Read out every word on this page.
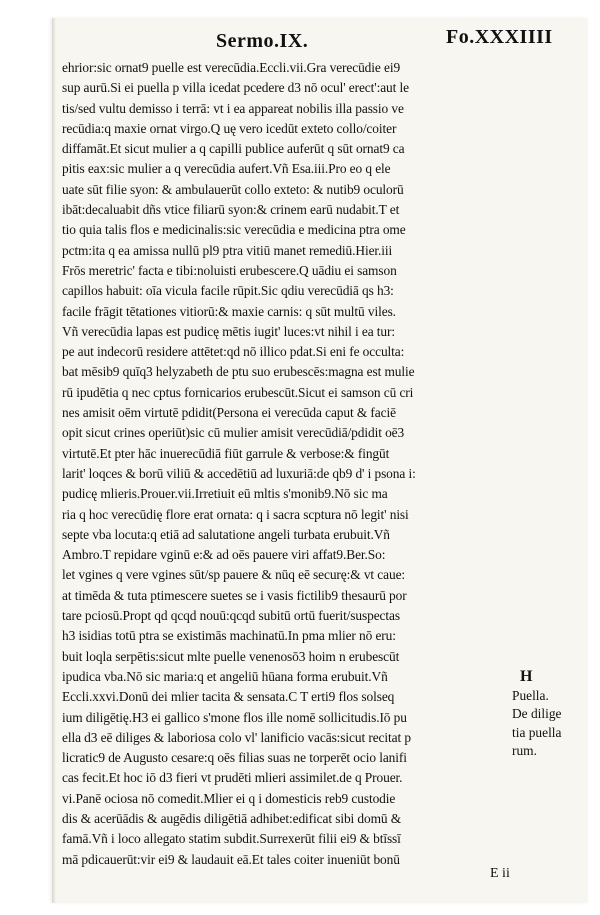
Sermo.IX.	Fo.XXXIIII
ehrior:sic ornat9 puelle est verecūdia.Eccli.vii.Gra verecūdie ei9
sup aurū.Si ei puella p villa icedat pcedere d3 nō ocul' erect':aut le
tis/sed vultu demisso i terrā: vt i ea appareat nobilis illa passio ve
recūdia:q maxie ornat virgo.Q uę vero icedūt exteto collo/coiter
diffamāt.Et sicut mulier a q capilli publice auferūt q sūt ornat9 ca
pitis eax:sic mulier a q verecūdia aufert.Vñ Esa.iii.Pro eo q ele
uate sūt filie syon: & ambulauerūt collo exteto: & nutib9 oculorū
ibāt:decaluabit dñs vtice filiarū syon:& crinem earū nudabit.T et
tio quia talis flos e medicinalis:sic verecūdia e medicina ptra ome
pctm:ita q ea amissa nullū pl9 ptra vitiū manet remediū.Hier.iii
Frōs meretric' facta e tibi:noluisti erubescere.Q uādiu ei samson
capillos habuit: oīa vicula facile rūpit.Sic qdiu verecūdiā qs h3:
facile frāgit tētationes vitiorū:& maxie carnis: q sūt multū viles.
Vñ verecūdia lapas est pudicę mētis iugit' luces:vt nihil i ea tur:
pe aut indecorū residere attētet:qd nō illico pdat.Si eni fe occulta:
bat mēsib9 quīq3 helyzabeth de ptu suo erubescēs:magna est mulie
rū ipudētia q nec cptus fornicarios erubescūt.Sicut ei samson cū cri
nes amisit oēm virtutē pdidit(Persona ei verecūda caput & faciē
opit sicut crines operiūt)sic cū mulier amisit verecūdiā/pdidit oē3
virtutē.Et pter hāc inuerecūdiā fiūt garrule & verbose:& fingūt
larit' loqces & borū viliū & accedētiū ad luxuriā:de qb9 d' i psona i:
pudicę mlieris.Prouer.vii.Irretiuit eū mltis s'monib9.Nō sic ma
ria q hoc verecūdię flore erat ornata: q i sacra scptura nō legit' nisi
septe vba locuta:q etiā ad salutatione angeli turbata erubuit.Vñ
Ambro.T repidare vginū e:& ad oēs pauere viri affat9.Ber.So:
let vgines q vere vgines sūt/sp pauere & nūq eē securę:& vt caue:
at timēda & tuta ptimescere suetes se i vasis fictilib9 thesaurū por
tare pciosū.Propt qd qcqd nouū:qcqd subitū ortū fuerit/suspectas
h3 isidias totū ptra se existimās machinatū.In pma mlier nō eru:
buit loqla serpētis:sicut mlte puelle venenosō3 hoim n erubescūt
ipudica vba.Nō sic maria:q et angeliū hūana forma erubuit.Vñ
Eccli.xxvi.Donū dei mlier tacita & sensata.C T erti9 flos solseq
ium diligētię.H3 ei gallico s'mone flos ille nomē sollicitudis.Iō pu
ella d3 eē diliges & laboriosa colo vl' lanificio vacās:sicut recitat p
licratic9 de Augusto cesare:q oēs filias suas ne torperēt ocio lanifi
cas fecit.Et hoc iō d3 fieri vt prudēti mlieri assimilet.de q Prouer.
vi.Panē ociosa nō comedit.Mlier ei q i domesticis reb9 custodie
dis & acerūādis & augēdis diligētiā adhibet:edificat sibi domū &
famā.Vñ i loco allegato statim subdit.Surrexerūt filii ei9 & btīssī
mā pdicauerūt:vir ei9 & laudauit eā.Et tales coiter inueniūt bonū
H
Puella.
De dilige
tia puella
rum.
E ii
